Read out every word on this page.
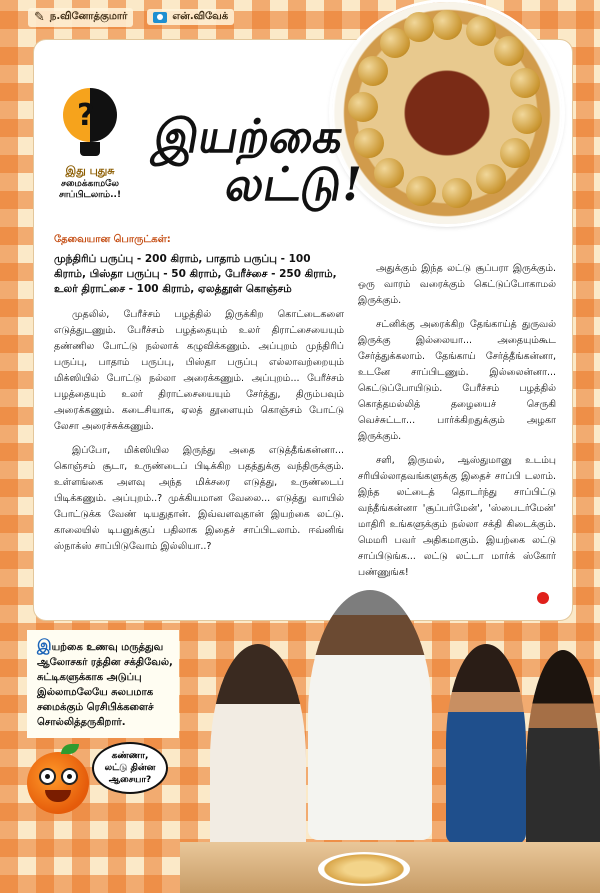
✎ ந.வினோத்குமார்	என்.விவேக்
?
இது புதுசு
சமைக்காமலே
சாப்பிடலாம்..!
இயற்கை
லட்டு!
தேவையான பொருட்கள்:
முந்திரிப் பருப்பு - 200 கிராம், பாதாம் பருப்பு - 100 கிராம், பிஸ்தா பருப்பு - 50 கிராம், பேரீச்சை - 250 கிராம், உலர் திராட்சை - 100 கிராம், ஏலத்தூள் கொஞ்சம்

முதலில், பேரீச்சம் பழத்தில் இருக்கிற கொட்டைகளை எடுத்துடணும். பேரீச்சம் பழத்தையும் உலர் திராட்சையையும் தண்ணில போட்டு நல்லாக் கழுவிக்கணும். அப்புறம் முந்திரிப் பருப்பு, பாதாம் பருப்பு, பிஸ்தா பருப்பு எல்லாவற்றையும் மிக்ஸியில் போட்டு நல்லா அரைக்கணும். அப்புறம்... பேரீச்சம் பழத்தையும் உலர் திராட்சையையும் சேர்த்து, திரும்பவும் அரைக்கணும். கடைசியாக, ஏலத் தூளையும் கொஞ்சம் போட்டு லேசா அரைச்சுக்கணும்.

இப்போ, மிக்ஸியில இருந்து அதை எடுத்தீங்கன்னா... கொஞ்சம் சூடா, உருண்டைப் பிடிக்கிற பதத்துக்கு வந்திருக்கும். உள்ளங்கை அளவு அந்த மிக்சரை எடுத்து, உருண்டைப் பிடிக்கணும். அப்புறம்..? முக்கியமான வேலை... எடுத்து வாயில் போட்டுக்க வேண் டியதுதான். இவ்வளவுதான் இயற்கை லட்டு. காலையில் டிபனுக்குப் பதிலாக இதைச் சாப்பிடலாம். ஈவ்னிங் ஸ்நாக்ஸ் சாப்பிடுவோம் இல்லியா..?

அதுக்கும் இந்த லட்டு சூப்பரா இருக்கும். ஒரு வாரம் வரைக்கும் கெட்டுப்போகாமல் இருக்கும்.

சட்னிக்கு அரைக்கிற தேங்காய்த் துருவல் இருக்கு இல்லையா... அதையும்கூட சேர்த்துக்கலாம். தேங்காய் சேர்த்தீங்கன்னா, உடனே சாப்பிடணும். இல்லைன்னா... கெட்டுப்போயிடும். பேரீச்சம் பழத்தில் கொத்தமல்லித் தழையைச் செருகி வெச்சுட்டா... பார்க்கிறதுக்கும் அழகா இருக்கும்.

சளி, இருமல், ஆஸ்துமானு உடம்பு சரியில்லாதவங்களுக்கு இதைச் சாப்பி டலாம். இந்த லட்டைத் தொடர்ந்து சாப்பிட்டு வந்தீங்கன்னா 'சூப்பர்மேன்', 'ஸ்பைடர்மேன்' மாதிரி உங்களுக்கும் நல்லா சக்தி கிடைக்கும். மெமரி பவர் அதிகமாகும். இயற்கை லட்டு சாப்பிடுங்க... லட்டு லட்டா மார்க் ஸ்கோர் பண்ணுங்க!

இயற்கை உணவு மருத்துவ ஆலோசகர் ரத்தின சக்திவேல், சுட்டிகளுக்காக அடுப்பு இல்லாமலேயே சுலபமாக சமைக்கும் ரெசிபிக்களைச் சொல்லித்தருகிறார்.
கண்ணா,
லட்டு தின்ன
ஆசையா?
